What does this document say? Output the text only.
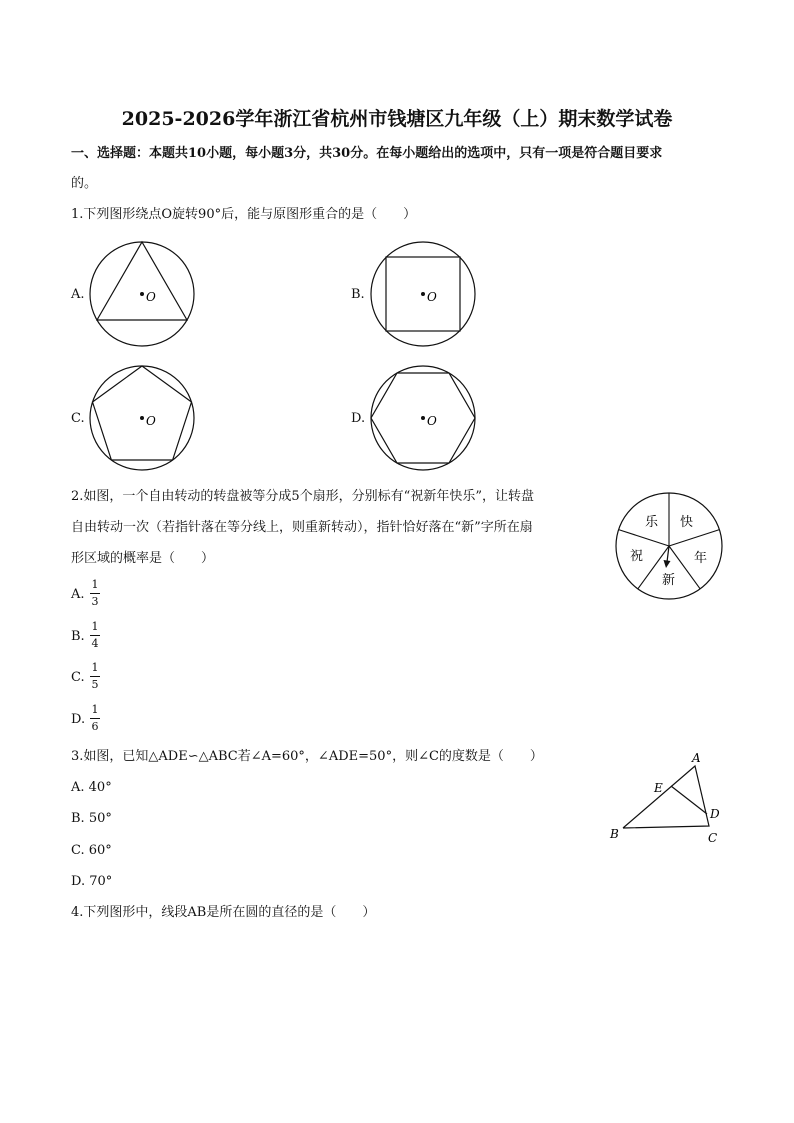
2025-2026学年浙江省杭州市钱塘区九年级（上）期末数学试卷
一、选择题：本题共10小题，每小题3分，共30分。在每小题给出的选项中，只有一项是符合题目要求
的。
1.下列图形绕点O旋转90°后，能与原图形重合的是（　　）
A.	O	B.	O
C.	O	D.	O
2.如图，一个自由转动的转盘被等分成5个扇形，分别标有“祝新年快乐”，让转盘
自由转动一次（若指针落在等分线上，则重新转动），指针恰好落在“新”字所在扇
形区域的概率是（　　）
乐 快
年
新
祝
A.
1
3
B.
1
4
C.
1
5
D.
1
6
3.如图，已知△ADE∽△ABC若∠A=60°，∠ADE=50°，则∠C的度数是（　　）
A. 40°
B. 50°
C. 60°
D. 70°
A
E
D
B	C
4.下列图形中，线段AB是所在圆的直径的是（　　）
